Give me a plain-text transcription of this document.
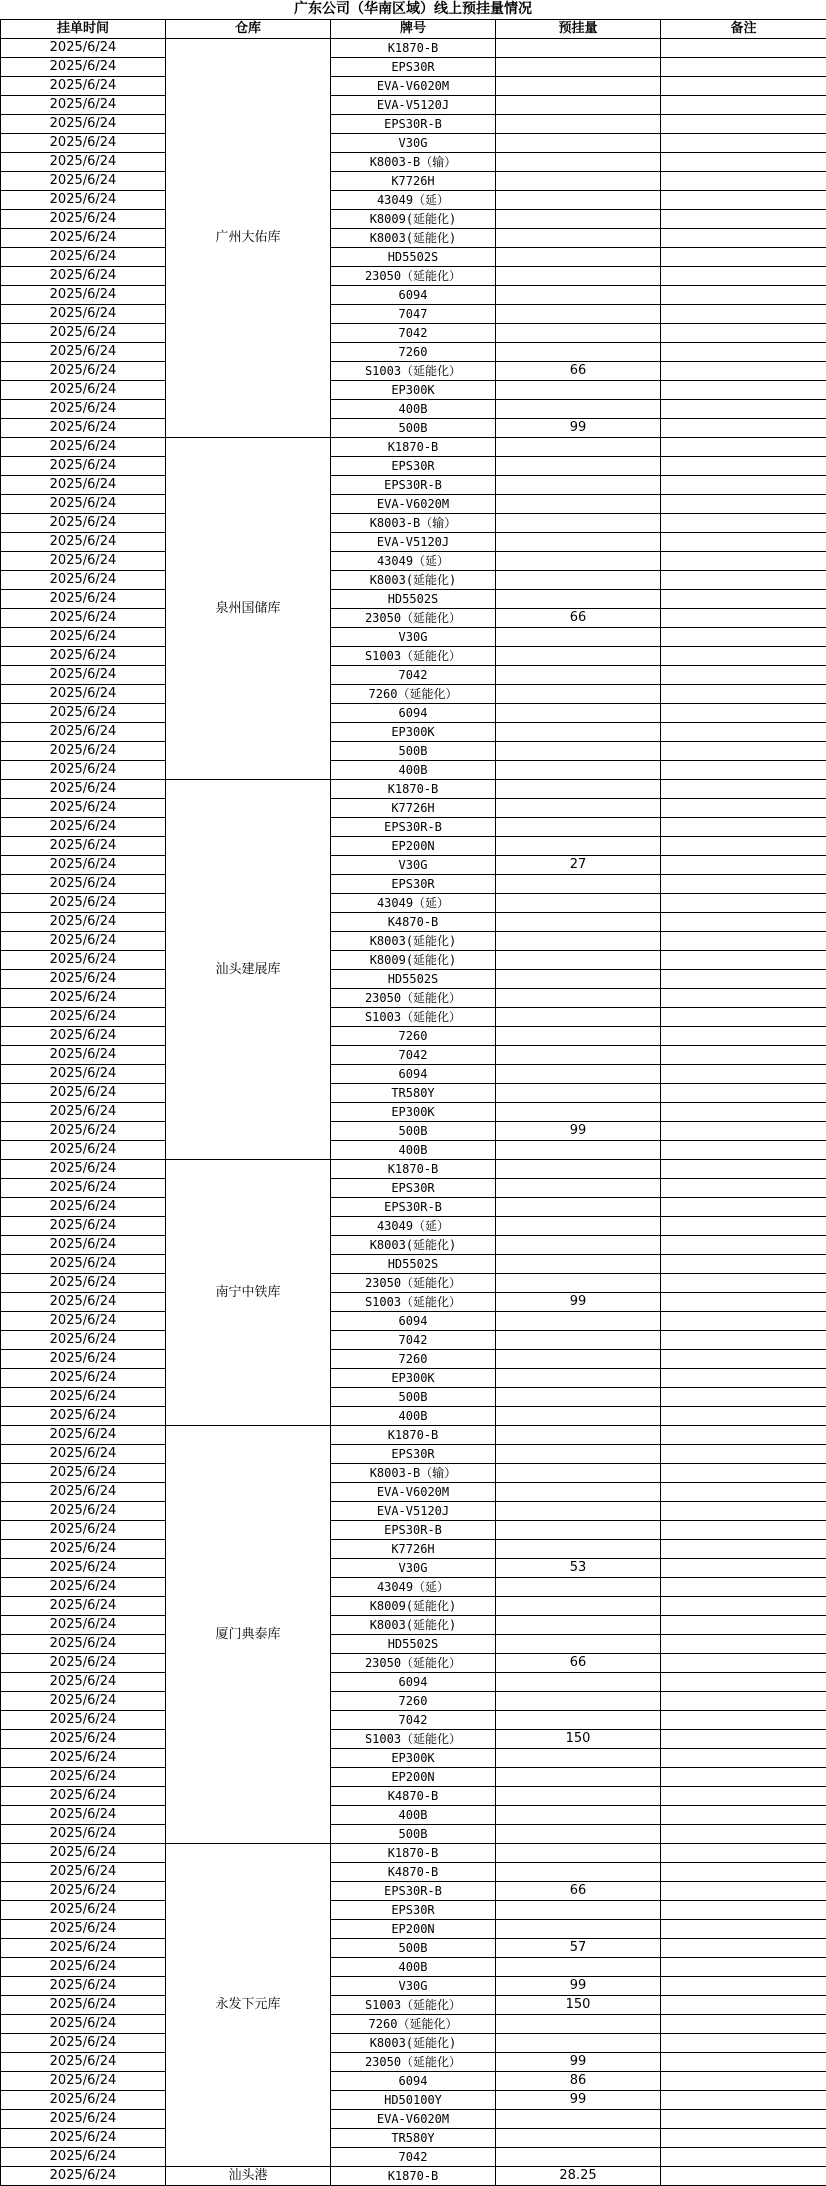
广东公司（华南区域）线上预挂量情况
挂单时间	仓库	牌号	预挂量	备注
2025/6/24	广州大佑库	K1870-B		
2025/6/24		EPS30R		
2025/6/24		EVA-V6020M		
2025/6/24		EVA-V5120J		
2025/6/24		EPS30R-B		
2025/6/24		V30G		
2025/6/24		K8003-B（输）		
2025/6/24		K7726H		
2025/6/24		43049（延）		
2025/6/24		K8009(延能化)		
2025/6/24		K8003(延能化)		
2025/6/24		HD5502S		
2025/6/24		23050（延能化）		
2025/6/24		6094		
2025/6/24		7047		
2025/6/24		7042		
2025/6/24		7260		
2025/6/24		S1003（延能化）	66	
2025/6/24		EP300K		
2025/6/24		400B		
2025/6/24		500B	99	
2025/6/24	泉州国储库	K1870-B		
2025/6/24		EPS30R		
2025/6/24		EPS30R-B		
2025/6/24		EVA-V6020M		
2025/6/24		K8003-B（输）		
2025/6/24		EVA-V5120J		
2025/6/24		43049（延）		
2025/6/24		K8003(延能化)		
2025/6/24		HD5502S		
2025/6/24		23050（延能化）	66	
2025/6/24		V30G		
2025/6/24		S1003（延能化）		
2025/6/24		7042		
2025/6/24		7260（延能化）		
2025/6/24		6094		
2025/6/24		EP300K		
2025/6/24		500B		
2025/6/24		400B		
2025/6/24	汕头建展库	K1870-B		
2025/6/24		K7726H		
2025/6/24		EPS30R-B		
2025/6/24		EP200N		
2025/6/24		V30G	27	
2025/6/24		EPS30R		
2025/6/24		43049（延）		
2025/6/24		K4870-B		
2025/6/24		K8003(延能化)		
2025/6/24		K8009(延能化)		
2025/6/24		HD5502S		
2025/6/24		23050（延能化）		
2025/6/24		S1003（延能化）		
2025/6/24		7260		
2025/6/24		7042		
2025/6/24		6094		
2025/6/24		TR580Y		
2025/6/24		EP300K		
2025/6/24		500B	99	
2025/6/24		400B		
2025/6/24	南宁中铁库	K1870-B		
2025/6/24		EPS30R		
2025/6/24		EPS30R-B		
2025/6/24		43049（延）		
2025/6/24		K8003(延能化)		
2025/6/24		HD5502S		
2025/6/24		23050（延能化）		
2025/6/24		S1003（延能化）	99	
2025/6/24		6094		
2025/6/24		7042		
2025/6/24		7260		
2025/6/24		EP300K		
2025/6/24		500B		
2025/6/24		400B		
2025/6/24	厦门典泰库	K1870-B		
2025/6/24		EPS30R		
2025/6/24		K8003-B（输）		
2025/6/24		EVA-V6020M		
2025/6/24		EVA-V5120J		
2025/6/24		EPS30R-B		
2025/6/24		K7726H		
2025/6/24		V30G	53	
2025/6/24		43049（延）		
2025/6/24		K8009(延能化)		
2025/6/24		K8003(延能化)		
2025/6/24		HD5502S		
2025/6/24		23050（延能化）	66	
2025/6/24		6094		
2025/6/24		7260		
2025/6/24		7042		
2025/6/24		S1003（延能化）	150	
2025/6/24		EP300K		
2025/6/24		EP200N		
2025/6/24		K4870-B		
2025/6/24		400B		
2025/6/24		500B		
2025/6/24	永发下元库	K1870-B		
2025/6/24		K4870-B		
2025/6/24		EPS30R-B	66	
2025/6/24		EPS30R		
2025/6/24		EP200N		
2025/6/24		500B	57	
2025/6/24		400B		
2025/6/24		V30G	99	
2025/6/24		S1003（延能化）	150	
2025/6/24		7260（延能化）		
2025/6/24		K8003(延能化)		
2025/6/24		23050（延能化）	99	
2025/6/24		6094	86	
2025/6/24		HD50100Y	99	
2025/6/24		EVA-V6020M		
2025/6/24		TR580Y		
2025/6/24		7042		
2025/6/24	汕头港	K1870-B	28.25	
